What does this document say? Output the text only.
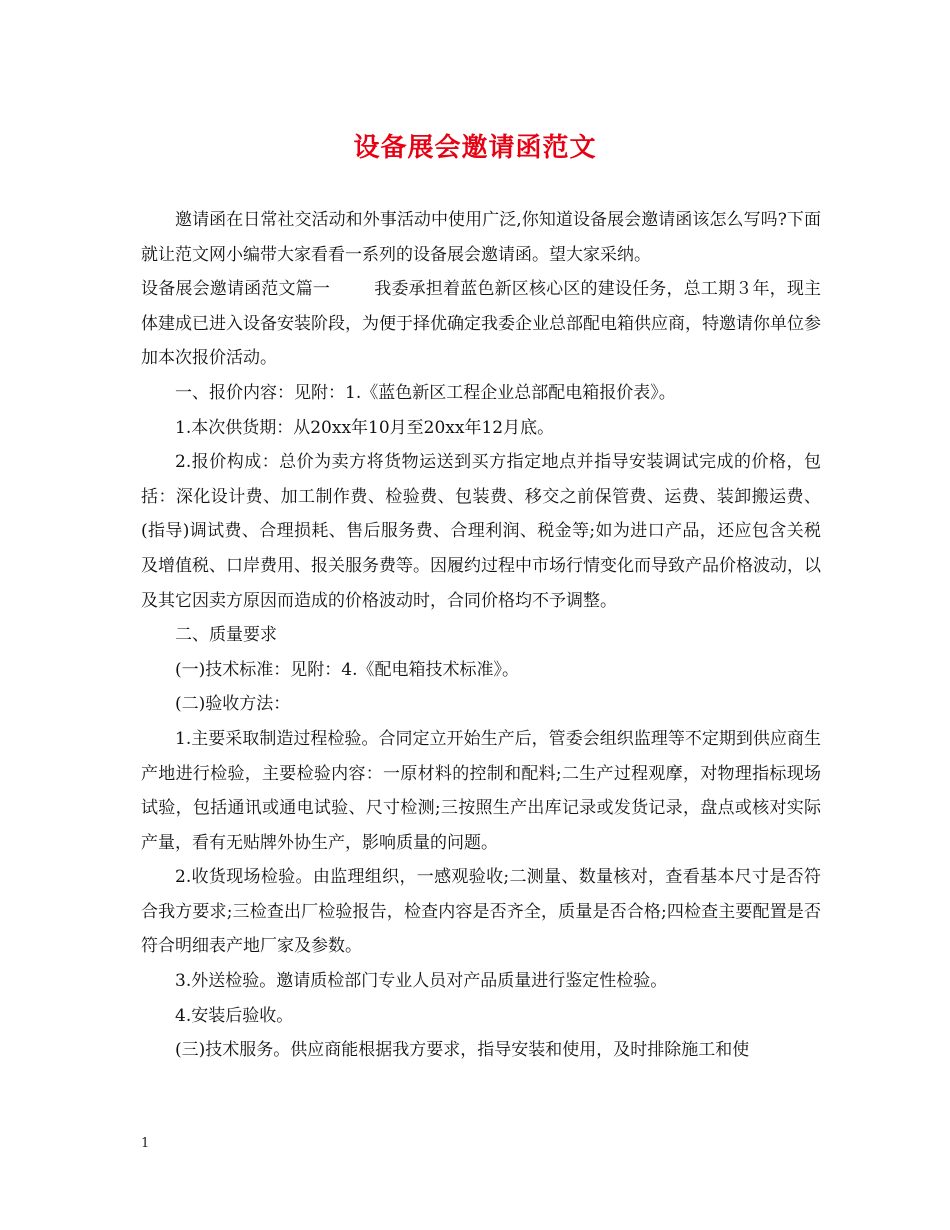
设备展会邀请函范文

邀请函在日常社交活动和外事活动中使用广泛,你知道设备展会邀请函该怎么写吗?下面就让范文网小编带大家看看一系列的设备展会邀请函。望大家采纳。

设备展会邀请函范文篇一	我委承担着蓝色新区核心区的建设任务，总工期３年，现主体建成已进入设备安装阶段，为便于择优确定我委企业总部配电箱供应商，特邀请你单位参加本次报价活动。

一、报价内容：见附：1.《蓝色新区工程企业总部配电箱报价表》。

1.本次供货期：从20xx年10月至20xx年12月底。

2.报价构成：总价为卖方将货物运送到买方指定地点并指导安装调试完成的价格，包括：深化设计费、加工制作费、检验费、包装费、移交之前保管费、运费、装卸搬运费、(指导)调试费、合理损耗、售后服务费、合理利润、税金等;如为进口产品，还应包含关税及增值税、口岸费用、报关服务费等。因履约过程中市场行情变化而导致产品价格波动，以及其它因卖方原因而造成的价格波动时，合同价格均不予调整。

二、质量要求

(一)技术标准：见附：4.《配电箱技术标准》。

(二)验收方法：

1.主要采取制造过程检验。合同定立开始生产后，管委会组织监理等不定期到供应商生产地进行检验，主要检验内容：一原材料的控制和配料;二生产过程观摩，对物理指标现场试验，包括通讯或通电试验、尺寸检测;三按照生产出库记录或发货记录，盘点或核对实际产量，看有无贴牌外协生产，影响质量的问题。

2.收货现场检验。由监理组织，一感观验收;二测量、数量核对，查看基本尺寸是否符合我方要求;三检查出厂检验报告，检查内容是否齐全，质量是否合格;四检查主要配置是否符合明细表产地厂家及参数。

3.外送检验。邀请质检部门专业人员对产品质量进行鉴定性检验。

4.安装后验收。

(三)技术服务。供应商能根据我方要求，指导安装和使用，及时排除施工和使

1
